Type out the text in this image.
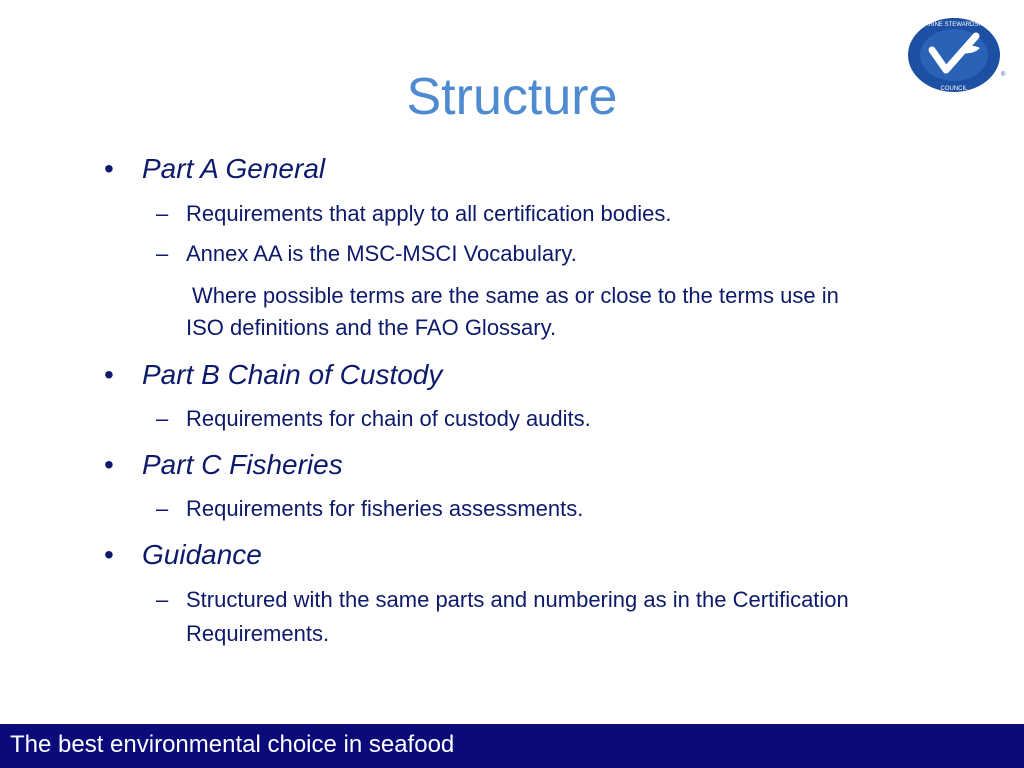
MARINE STEWARDSHIP
COUNCIL
®
Structure
• Part A General
– Requirements that apply to all certification bodies.
– Annex AA is the MSC-MSCI Vocabulary.
Where possible terms are the same as or close to the terms use in
ISO definitions and the FAO Glossary.
• Part B Chain of Custody
– Requirements for chain of custody audits.
• Part C Fisheries
– Requirements for fisheries assessments.
• Guidance
– Structured with the same parts and numbering as in the Certification
Requirements.
The best environmental choice in seafood
